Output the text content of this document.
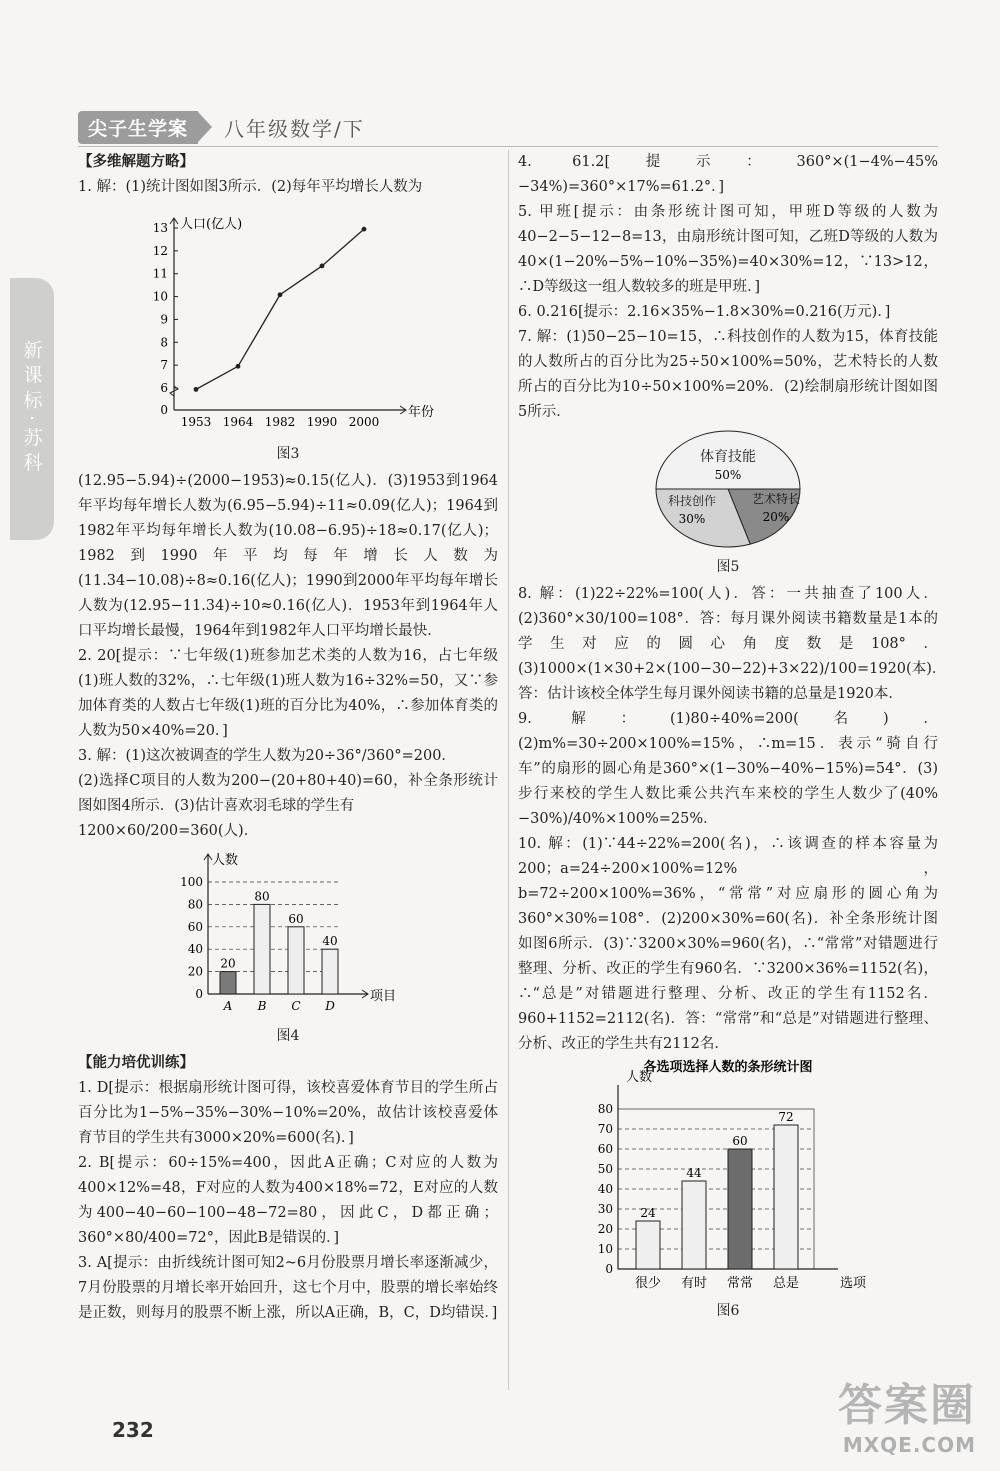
尖子生学案	八年级数学/下
新课标·苏科
【多维解题方略】

1. 解：(1)统计图如图3所示．(2)每年平均增长人数为

0
6
7
8
9
10
11
12
13 人口(亿人)
年份
1953 1964 1982 1990 2000
图3

(12.95−5.94)÷(2000−1953)≈0.15(亿人)．(3)1953到1964年平均每年增长人数为(6.95−5.94)÷11≈0.09(亿人)；1964到1982年平均每年增长人数为(10.08−6.95)÷18≈0.17(亿人)；1982到1990年平均每年增长人数为(11.34−10.08)÷8≈0.16(亿人)；1990到2000年平均每年增长人数为(12.95−11.34)÷10≈0.16(亿人)．1953年到1964年人口平均增长最慢，1964年到1982年人口平均增长最快．

2. 20[提示：∵七年级(1)班参加艺术类的人数为16，占七年级(1)班人数的32%，∴七年级(1)班人数为16÷32%=50，又∵参加体育类的人数占七年级(1)班的百分比为40%，∴参加体育类的人数为50×40%=20．]

3. 解：(1)这次被调查的学生人数为20÷36°/360°=200．

(2)选择C项目的人数为200−(20+80+40)=60，补全条形统计图如图4所示．(3)估计喜欢羽毛球的学生有

1200×60/200=360(人)．

0
20
40
60
80
100
人数
项目
20
A
80
B
60
C
40
D
图4
【能力培优训练】

1. D[提示：根据扇形统计图可得，该校喜爱体育节目的学生所占百分比为1−5%−35%−30%−10%=20%，故估计该校喜爱体育节目的学生共有3000×20%=600(名)．]

2. B[提示：60÷15%=400，因此A正确；C对应的人数为400×12%=48，F对应的人数为400×18%=72，E对应的人数为400−40−60−100−48−72=80，因此C，D都正确；360°×80/400=72°，因此B是错误的．]

3. A[提示：由折线统计图可知2~6月份股票月增长率逐渐减少，7月份股票的月增长率开始回升，这七个月中，股票的增长率始终是正数，则每月的股票不断上涨，所以A正确，B，C，D均错误．]

4. 61.2[提示：360°×(1−4%−45%−34%)=360°×17%=61.2°．]

5. 甲班[提示：由条形统计图可知，甲班D等级的人数为40−2−5−12−8=13，由扇形统计图可知，乙班D等级的人数为40×(1−20%−5%−10%−35%)=40×30%=12，∵13>12，∴D等级这一组人数较多的班是甲班．]

6. 0.216[提示：2.16×35%−1.8×30%=0.216(万元)．]

7. 解：(1)50−25−10=15，∴科技创作的人数为15，体育技能的人数所占的百分比为25÷50×100%=50%，艺术特长的人数所占的百分比为10÷50×100%=20%．(2)绘制扇形统计图如图5所示．

体育技能
50%
艺术特长
20%
科技创作
30%
图5

8. 解：(1)22÷22%=100(人)．答：一共抽查了100人．(2)360°×30/100=108°．答：每月课外阅读书籍数量是1本的学生对应的圆心角度数是108°．(3)1000×(1×30+2×(100−30−22)+3×22)/100=1920(本)．答：估计该校全体学生每月课外阅读书籍的总量是1920本．

9. 解：(1)80÷40%=200(名)．(2)m%=30÷200×100%=15%，∴m=15．表示“骑自行车”的扇形的圆心角是360°×(1−30%−40%−15%)=54°．(3)步行来校的学生人数比乘公共汽车来校的学生人数少了(40%−30%)/40%×100%=25%．

10. 解：(1)∵44÷22%=200(名)，∴该调查的样本容量为200；a=24÷200×100%=12%，b=72÷200×100%=36%，“常常”对应扇形的圆心角为360°×30%=108°．(2)200×30%=60(名)．补全条形统计图如图6所示．(3)∵3200×30%=960(名)，∴“常常”对错题进行整理、分析、改正的学生有960名．∵3200×36%=1152(名)，∴“总是”对错题进行整理、分析、改正的学生有1152名．960+1152=2112(名)．答：“常常”和“总是”对错题进行整理、分析、改正的学生共有2112名．

各选项选择人数的条形统计图
0
10
20
30
40
50
60
70
80
人数
选项
24
很少
44
有时
60
常常
72
总是
图6
232	答案圈
MXQE.COM
